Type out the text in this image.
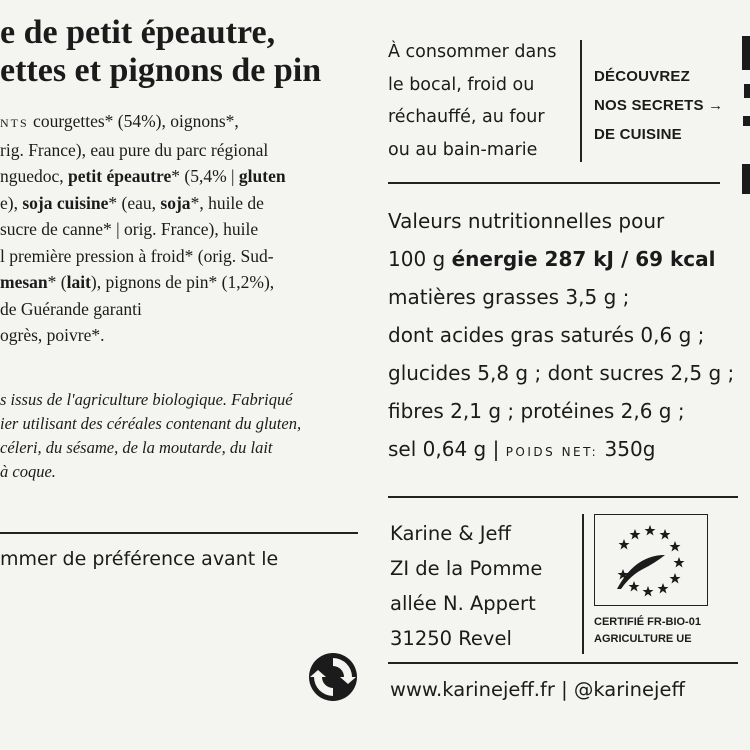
e de petit épeautre,
ettes et pignons de pin
NTS courgettes* (54%), oignons*,
rig. France), eau pure du parc régional
nguedoc, petit épeautre* (5,4% | gluten
e), soja cuisine* (eau, soja*, huile de
sucre de canne* | orig. France), huile
l première pression à froid* (orig. Sud-
mesan* (lait), pignons de pin* (1,2%),
de Guérande garanti
ogrès, poivre*.
s issus de l'agriculture biologique. Fabriqué
ier utilisant des céréales contenant du gluten,
céleri, du sésame, de la moutarde, du lait
à coque.
mmer de préférence avant le
À consommer dans
le bocal, froid ou
réchauffé, au four
ou au bain-marie
DÉCOUVREZ
NOS SECRETS →
DE CUISINE
Valeurs nutritionnelles pour
100 g énergie 287 kJ / 69 kcal
matières grasses 3,5 g ;
dont acides gras saturés 0,6 g ;
glucides 5,8 g ; dont sucres 2,5 g ;
fibres 2,1 g ; protéines 2,6 g ;
sel 0,64 g | POIDS NET: 350g
Karine & Jeff
ZI de la Pomme
allée N. Appert
31250 Revel
CERTIFIÉ FR-BIO-01
AGRICULTURE UE
www.karinejeff.fr | @karinejeff
